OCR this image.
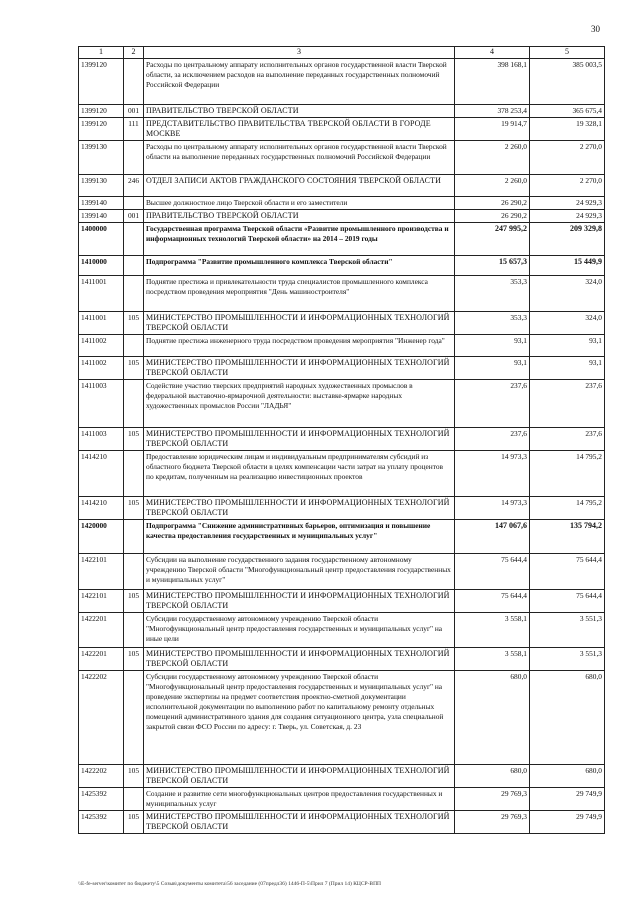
30
1	2	3	4	5
1399120		Расходы по центральному аппарату исполнительных органов государственной власти Тверской области, за исключением расходов на выполнение переданных государственных полномочий Российской Федерации	398 168,1	385 003,5
1399120	001	ПРАВИТЕЛЬСТВО ТВЕРСКОЙ ОБЛАСТИ	378 253,4	365 675,4
1399120	111	ПРЕДСТАВИТЕЛЬСТВО ПРАВИТЕЛЬСТВА ТВЕРСКОЙ ОБЛАСТИ В ГОРОДЕ МОСКВЕ	19 914,7	19 328,1
1399130		Расходы по центральному аппарату исполнительных органов государственной власти Тверской области на выполнение переданных государственных полномочий Российской Федерации	2 260,0	2 270,0
1399130	246	ОТДЕЛ ЗАПИСИ АКТОВ ГРАЖДАНСКОГО СОСТОЯНИЯ ТВЕРСКОЙ ОБЛАСТИ	2 260,0	2 270,0
1399140		Высшее должностное лицо Тверской области и его заместители	26 290,2	24 929,3
1399140	001	ПРАВИТЕЛЬСТВО ТВЕРСКОЙ ОБЛАСТИ	26 290,2	24 929,3
1400000		Государственная программа Тверской области «Развитие промышленного производства и информационных технологий Тверской области» на 2014 – 2019 годы	247 995,2	209 329,8
1410000		Подпрограмма "Развитие промышленного комплекса Тверской области"	15 657,3	15 449,9
1411001		Поднятие престижа и привлекательности труда специалистов промышленного комплекса посредством проведения мероприятия "День машиностроителя"	353,3	324,0
1411001	105	МИНИСТЕРСТВО ПРОМЫШЛЕННОСТИ И ИНФОРМАЦИОННЫХ ТЕХНОЛОГИЙ ТВЕРСКОЙ ОБЛАСТИ	353,3	324,0
1411002		Поднятие престижа инженерного труда посредством проведения мероприятия "Инженер года"	93,1	93,1
1411002	105	МИНИСТЕРСТВО ПРОМЫШЛЕННОСТИ И ИНФОРМАЦИОННЫХ ТЕХНОЛОГИЙ ТВЕРСКОЙ ОБЛАСТИ	93,1	93,1
1411003		Содействие участию тверских предприятий народных художественных промыслов в федеральной выставочно-ярмарочной деятельности: выставке-ярмарке народных художественных промыслов России "ЛАДЬЯ"	237,6	237,6
1411003	105	МИНИСТЕРСТВО ПРОМЫШЛЕННОСТИ И ИНФОРМАЦИОННЫХ ТЕХНОЛОГИЙ ТВЕРСКОЙ ОБЛАСТИ	237,6	237,6
1414210		Предоставление юридическим лицам и индивидуальным предпринимателям субсидий из областного бюджета Тверской области в целях компенсации части затрат на уплату процентов по кредитам, полученным на реализацию инвестиционных проектов	14 973,3	14 795,2
1414210	105	МИНИСТЕРСТВО ПРОМЫШЛЕННОСТИ И ИНФОРМАЦИОННЫХ ТЕХНОЛОГИЙ ТВЕРСКОЙ ОБЛАСТИ	14 973,3	14 795,2
1420000		Подпрограмма "Снижение административных барьеров, оптимизация и повышение качества предоставления государственных и муниципальных услуг"	147 067,6	135 794,2
1422101		Субсидии на выполнение государственного задания государственному автономному учреждению Тверской области "Многофункциональный центр предоставления государственных и муниципальных услуг"	75 644,4	75 644,4
1422101	105	МИНИСТЕРСТВО ПРОМЫШЛЕННОСТИ И ИНФОРМАЦИОННЫХ ТЕХНОЛОГИЙ ТВЕРСКОЙ ОБЛАСТИ	75 644,4	75 644,4
1422201		Субсидии государственному автономному учреждению Тверской области "Многофункциональный центр предоставления государственных и муниципальных услуг" на иные цели	3 558,1	3 551,3
1422201	105	МИНИСТЕРСТВО ПРОМЫШЛЕННОСТИ И ИНФОРМАЦИОННЫХ ТЕХНОЛОГИЙ ТВЕРСКОЙ ОБЛАСТИ	3 558,1	3 551,3
1422202		Субсидии государственному автономному учреждению Тверской области "Многофункциональный центр предоставления государственных и муниципальных услуг" на проведение экспертизы на предмет соответствия проектно-сметной документации исполнительной документации по выполнению работ по капитальному ремонту отдельных помещений административного здания для создания ситуационного центра, узла специальной закрытой связи ФСО России по адресу: г. Тверь, ул. Советская, д. 23	680,0	680,0
1422202	105	МИНИСТЕРСТВО ПРОМЫШЛЕННОСТИ И ИНФОРМАЦИОННЫХ ТЕХНОЛОГИЙ ТВЕРСКОЙ ОБЛАСТИ	680,0	680,0
1425392		Создание и развитие сети многофункциональных центров предоставления государственных и муниципальных услуг	29 769,3	29 749,9
1425392	105	МИНИСТЕРСТВО ПРОМЫШЛЕННОСТИ И ИНФОРМАЦИОННЫХ ТЕХНОЛОГИЙ ТВЕРСКОЙ ОБЛАСТИ	29 769,3	29 749,9
\\E-fe-server\комитет по бюджету\5 Созыв\документы комитета\56 заседание (07предл36) 1446-П-5\Прил 7 (Прил 14) КЦСР-ВПП
